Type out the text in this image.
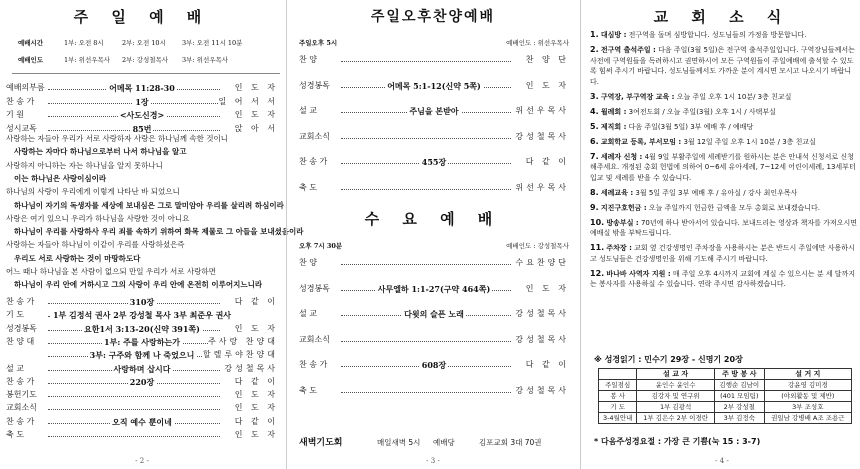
주 일 예 배
예배시간	1부: 오전 8시	2부: 오전 10시 3부: 오전 11시 10분
예배인도	1부: 위선우목사 2부: 강성철목사 3부: 위선우목사
예배의부름	어메목 11:28-30	인 도 자
찬 송 가	1장	일 어 서 서
기 원	<사도신경>	인 도 자
성시교독	85번	앉 아 서
사랑하는 자들아 우리가 서로 사랑하자 사랑은 하나님께 속한 것이니
사랑하는 자마다 하나님으로부터 나서 하나님을 알고
사랑하지 아니하는 자는 하나님을 알지 못하나니
이는 하나님은 사랑이심이라
하나님의 사랑이 우리에게 이렇게 나타난 바 되었으니
하나님이 자기의 독생자를 세상에 보내심은 그로 말미암아 우리를 살리려 하심이라
사랑은 여기 있으니 우리가 하나님을 사랑한 것이 아니요
하나님이 우리를 사랑하사 우리 죄를 속하기 위하여 화목 제물로 그 아들을 보내셨음이라
사랑하는 자들아 하나님이 이같이 우리를 사랑하셨은즉
우리도 서로 사랑하는 것이 마땅하도다
어느 때나 하나님을 본 사람이 없으되 만일 우리가 서로 사랑하면
하나님이 우리 안에 거하시고 그의 사랑이 우리 안에 온전히 이루어지느니라
찬 송 가	310장	다 같 이
기 도	1부 김정석 권사 2부 강성철 목사 3부 최준우 권사
성경봉독	요한1서 3:13-20(신약 391쪽)	인 도 자
찬 양 대	1부: 주를 사랑하는가	주사랑 찬양대
3부: 구주와 함께 나 죽었으니	할렐루야찬양대
설 교	사랑하며 삽시다	강성철목사
찬 송 가	220장	다 같 이
봉헌기도	인 도 자
교회소식	인 도 자
찬 송 가	오직 예수 뿐이네	다 같 이
축 도	인 도 자
- 2 -
주일오후찬양예배
주일오후 5시	예배인도 : 위선우목사
찬 양	찬 양 단
성경봉독	어메목 5:1-12(신약 5쪽)	인 도 자
설 교	주님을 본받아	위선우목사
교회소식	강성철목사
찬 송 가	455장	다 같 이
축 도	위선우목사
수 요 예 배
오후 7시 30분	예배인도 : 강성철목사
찬 양	수요찬양단
성경봉독	사무엘하 1:1-27(구약 464쪽)	인 도 자
설 교	다윗의 슬픈 노래	강성철목사
교회소식	강성철목사
찬 송 가	608장	다 같 이
축 도	강성철목사
새벽기도회	매일새벽 5시 예배당	김포교회 3대 70권
- 3 -
교 회 소 식
1. 대심방 : 전구역을 돌며 심방합니다. 성도님들의 가정을 방문합니다.
2. 전구역 출석주일 : 다음 주일(3월 5일)은 전구역 출석주일입니다. 구역장님들께서는 사전에 구역원들을 독려하시고 권면하시어 모든 구역원들이 주일예배에 출석할 수 있도록 힘써 주시기 바랍니다. 성도님들께서도 가까운 분이 계시면 모시고 나오시기 바랍니다.
3. 구역장, 부구역장 교육 : 오늘 주일 오후 1시 10분/ 3층 친교실
4. 월례회 : 3여전도회 / 오늘 주일(3월) 오후 1시 / 사택부실
5. 제직회 : 다음 주일(3월 5일) 3부 예배 후 / 예배당
6. 교회학교 등록, 부서모임 : 3월 12일 주일 오후 1시 10분 / 3층 친교실
7. 세례자 신청 : 4월 9일 부활주일에 세례받기를 원하시는 분은 안내석 신청서로 신청해주세요. 개정된 총회 헌법에 의하여 0~6세 유아세례, 7~12세 어린이세례, 13세부터 입교 및 세례를 받을 수 있습니다.
8. 세례교육 : 3월 5일 주일 3부 예배 후 / 유아실 / 강사 최인우목사
9. 지진구호헌금 : 오늘 주일까지 헌금한 금액을 모두 총회로 보내겠습니다.
10. 방송부실 : 70년에 하나 받아서어 있습니다. 보내드리는 영상과 책자를 가져오시면 예배실 밖을 부탁드립니다.
11. 주차장 : 교회 옆 건강생명인 주차장을 사용하시는 분은 반드시 주일에만 사용하시고 성도님들은 건강생명인을 위해 기도해 주시기 바랍니다.
12. 바나바 사역자 지원 : 매 주일 오후 4시까지 교회에 계실 수 있으시는 분 세 달까지는 봉사자를 사용하실 수 있습니다. 연락 주시면 감사하겠습니다.
※ 성경읽기 : 민수기 29장 - 신명기 20장
	설 교 자	주 방 봉 사	설 거 지
주일점심	윤인수 윤인수	김행순 김남이	강윤영 김미경
봉 사	김강자 및 연구위	(401 모임팀)	(야외활동 및 제반)
기 도	1부 김광석	2부 강성철	3부 조성호
3-4월안내	1부 김은수 2부 이경란	3부 김정숙	권일남 강병배 A조 조용근
* 다음주성경요절 : 가장 큰 기쁨(눅 15 : 3-7)
- 4 -
